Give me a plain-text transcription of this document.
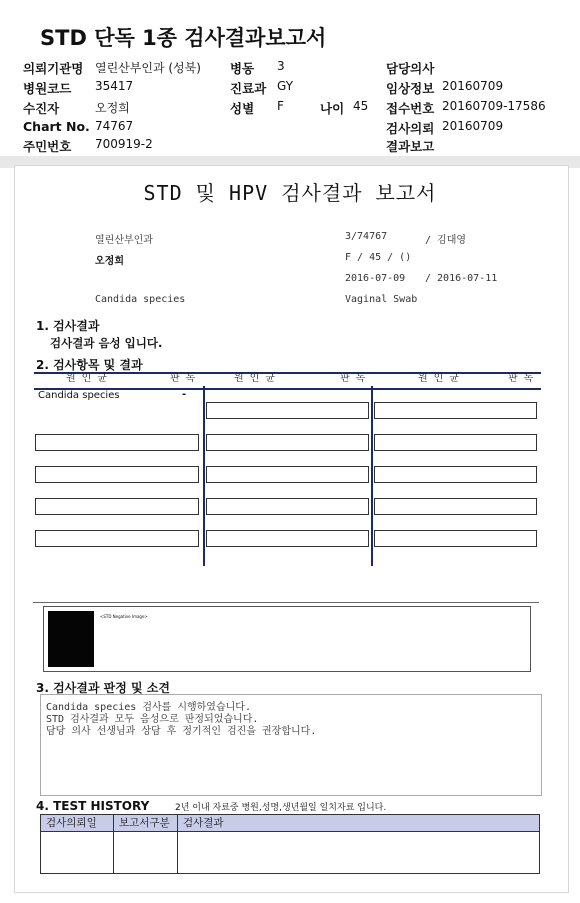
STD 단독 1종 검사결과보고서
의뢰기관명 열린산부인과 (성북) 병동 3	담당의사
병원코드 35417	진료과 GY	임상정보 20160709
수진자	오정희	성별 F	나이 45 접수번호 20160709-17586
Chart No. 74767	검사의뢰 20160709
주민번호 700919-2	결과보고
STD 및 HPV 검사결과 보고서
열린산부인과	3/74767	/ 김대영
오정희	F / 45 / ()
2016-07-09 / 2016-07-11
Candida species	Vaginal Swab
1. 검사결과
검사결과 음성 입니다.
2. 검사항목 및 결과
원 인 균	판 독	원 인 균	판 독	원 인 균	판 독
Candida species	-
<STD Negative Image>
3. 검사결과 판정 및 소견
Candida species 검사를 시행하였습니다.
STD 검사결과 모두 음성으로 판정되었습니다.
담당 의사 선생님과 상담 후 정기적인 검진을 권장합니다.
4. TEST HISTORY	2년 이내 자료중 병원,성명,생년월일 일치자료 입니다.
검사의뢰일 보고서구분 검사결과
